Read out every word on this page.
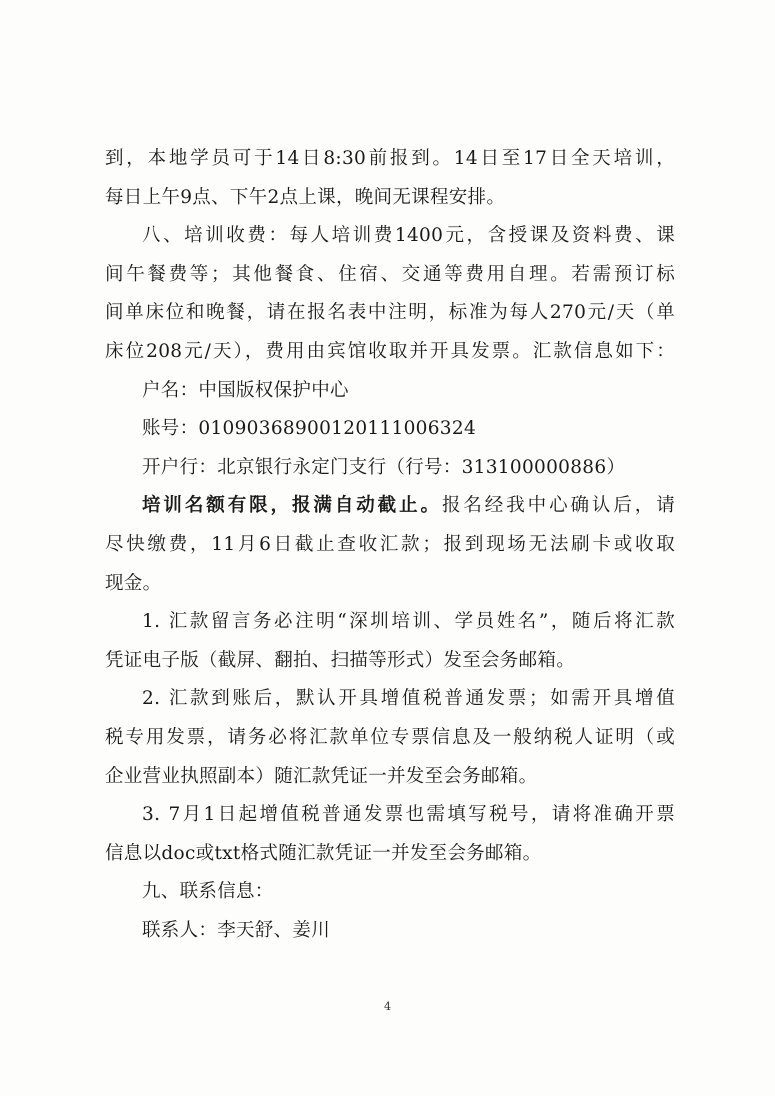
到，本地学员可于14日8:30前报到。14日至17日全天培训，
每日上午9点、下午2点上课，晚间无课程安排。
八、培训收费：每人培训费1400元，含授课及资料费、课
间午餐费等；其他餐食、住宿、交通等费用自理。若需预订标
间单床位和晚餐，请在报名表中注明，标准为每人270元/天（单
床位208元/天），费用由宾馆收取并开具发票。汇款信息如下：
户名：中国版权保护中心
账号：01090368900120111006324
开户行：北京银行永定门支行（行号：313100000886）
培训名额有限，报满自动截止。报名经我中心确认后，请
尽快缴费，11月6日截止查收汇款；报到现场无法刷卡或收取
现金。
1. 汇款留言务必注明“深圳培训、学员姓名”，随后将汇款
凭证电子版（截屏、翻拍、扫描等形式）发至会务邮箱。
2. 汇款到账后，默认开具增值税普通发票；如需开具增值
税专用发票，请务必将汇款单位专票信息及一般纳税人证明（或
企业营业执照副本）随汇款凭证一并发至会务邮箱。
3. 7月1日起增值税普通发票也需填写税号，请将准确开票
信息以doc或txt格式随汇款凭证一并发至会务邮箱。
九、联系信息：
联系人：李天舒、姜川
4
